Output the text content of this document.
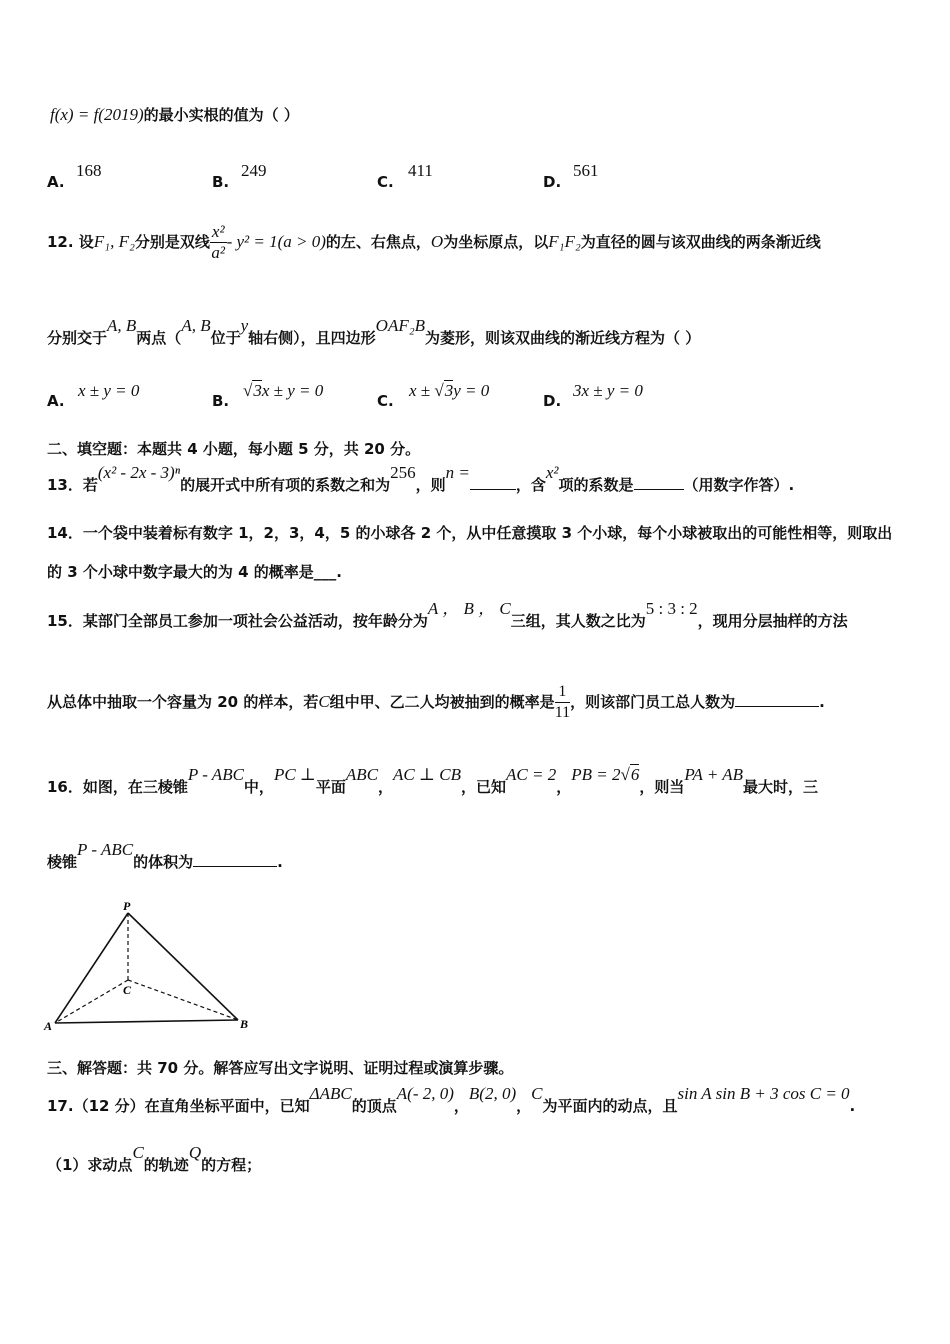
f(x) = f(2019)的最小实根的值为（ ）
A.
168
B.
249
C.
411
D.
561
12. 设F₁, F₂分别是双线 $\frac{\text{x²}}{\text{a²}} - y^2 = 1(a > 0)$的左、右焦点，O为坐标原点，以F₁F₂为直径的圆与该双曲线的两条渐近线
分别交于A, B两点（A, B位于y轴右侧），且四边形OAF₂B为菱形，则该双曲线的渐近线方程为（ ）
A.
x ± y = 0
B.
√3x ± y = 0
C.
x ± √3y = 0
D.
3x ± y = 0
二、填空题：本题共 4 小题，每小题 5 分，共 20 分。
13．若(x² - 2x - 3)ⁿ的展开式中所有项的系数之和为256，则n =，含x²项的系数是	（用数字作答）.
14．一个袋中装着标有数字 1，2，3，4，5 的小球各 2 个，从中任意摸取 3 个小球，每个小球被取出的可能性相等，则取出
的 3 个小球中数字最大的为 4 的概率是___.
15．某部门全部员工参加一项社会公益活动，按年龄分为A ， B ， C三组，其人数之比为5 : 3 : 2，现用分层抽样的方法
从总体中抽取一个容量为 20 的样本，若C组中甲、乙二人均被抽到的概率是 $\frac{1}{11}$ ，则该部门员工总人数为	.
16．如图，在三棱锥P - ABC中，PC ⊥平面ABC，AC ⊥ CB，已知AC = 2，PB = 2√6，则当PA + AB最大时，三
棱锥P - ABC的体积为	.
P
C
A	B
三、解答题：共 70 分。解答应写出文字说明、证明过程或演算步骤。
17.（12 分）在直角坐标平面中，已知ΔABC的顶点A(- 2, 0)，B(2, 0)，C为平面内的动点，且sin A sin B + 3 cos C = 0.
（1）求动点C的轨迹Q的方程；
